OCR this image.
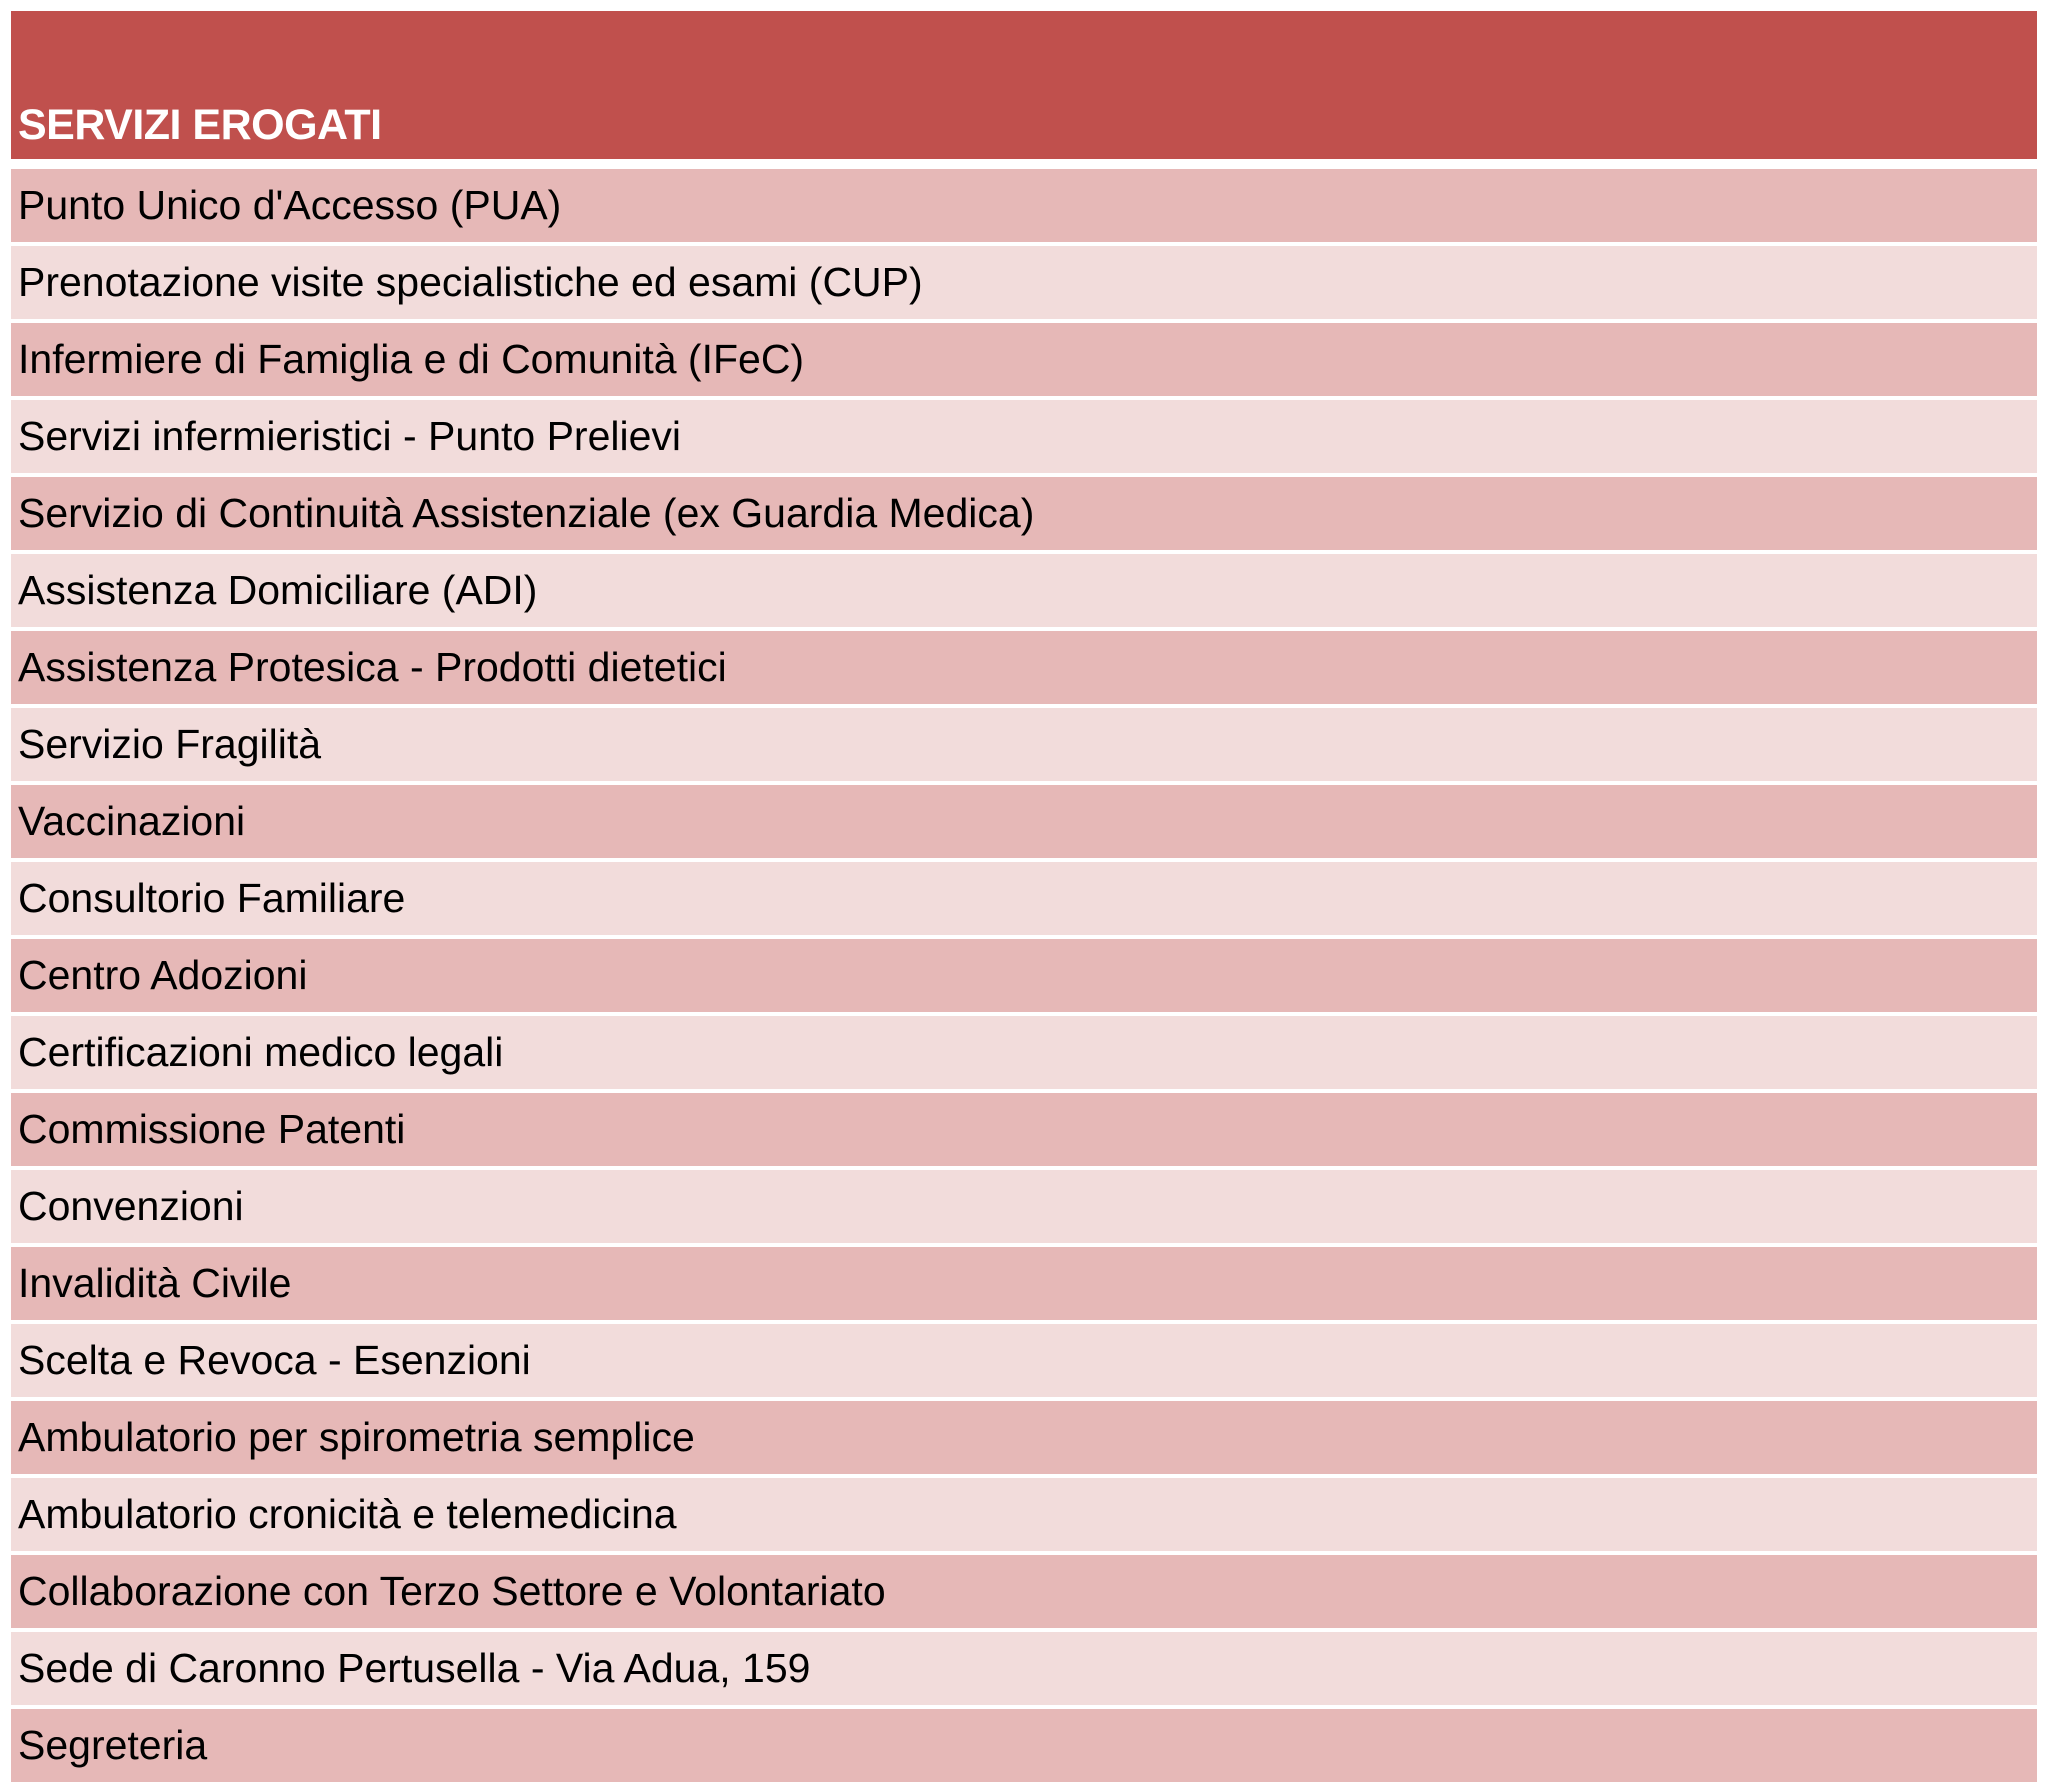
SERVIZI EROGATI
Punto Unico d'Accesso (PUA)
Prenotazione visite specialistiche ed esami (CUP)
Infermiere di Famiglia e di Comunità (IFeC)
Servizi infermieristici - Punto Prelievi
Servizio di Continuità Assistenziale (ex Guardia Medica)
Assistenza Domiciliare (ADI)
Assistenza Protesica - Prodotti dietetici
Servizio Fragilità
Vaccinazioni
Consultorio Familiare
Centro Adozioni
Certificazioni medico legali
Commissione Patenti
Convenzioni
Invalidità Civile
Scelta e Revoca - Esenzioni
Ambulatorio per spirometria semplice
Ambulatorio cronicità e telemedicina
Collaborazione con Terzo Settore e Volontariato
Sede di Caronno Pertusella - Via Adua, 159
Segreteria
